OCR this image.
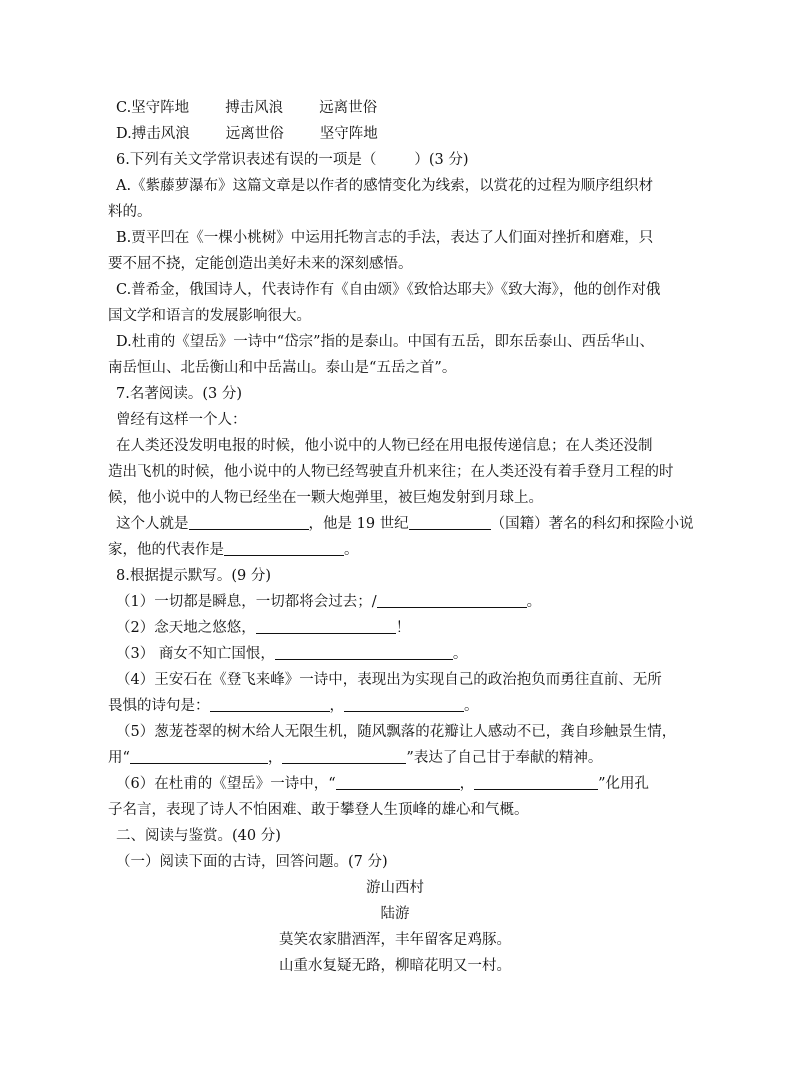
C.坚守阵地 搏击风浪 远离世俗
D.搏击风浪 远离世俗 坚守阵地
6.下列有关文学常识表述有误的一项是（	）(3 分)
A.《紫藤萝瀑布》这篇文章是以作者的感情变化为线索，以赏花的过程为顺序组织材
料的。
B.贾平凹在《一棵小桃树》中运用托物言志的手法，表达了人们面对挫折和磨难，只
要不屈不挠，定能创造出美好未来的深刻感悟。
C.普希金，俄国诗人，代表诗作有《自由颂》《致恰达耶夫》《致大海》，他的创作对俄
国文学和语言的发展影响很大。
D.杜甫的《望岳》一诗中“岱宗”指的是泰山。中国有五岳，即东岳泰山、西岳华山、
南岳恒山、北岳衡山和中岳嵩山。泰山是“五岳之首”。
7.名著阅读。(3 分)
曾经有这样一个人：
在人类还没发明电报的时候，他小说中的人物已经在用电报传递信息；在人类还没制
造出飞机的时候，他小说中的人物已经驾驶直升机来往；在人类还没有着手登月工程的时
候，他小说中的人物已经坐在一颗大炮弹里，被巨炮发射到月球上。
这个人就是	，他是 19 世纪	（国籍）著名的科幻和探险小说
家，他的代表作是	。
8.根据提示默写。(9 分)
（1）一切都是瞬息，一切都将会过去；/	。
（2）念天地之悠悠，	！
（3） 商女不知亡国恨，	。
（4）王安石在《登飞来峰》一诗中，表现出为实现自己的政治抱负而勇往直前、无所
畏惧的诗句是：	，	。
（5）葱茏苍翠的树木给人无限生机，随风飘落的花瓣让人感动不已，龚自珍触景生情，
用“	，	”表达了自己甘于奉献的精神。
（6）在杜甫的《望岳》一诗中，“	，	”化用孔
子名言，表现了诗人不怕困难、敢于攀登人生顶峰的雄心和气概。
二、阅读与鉴赏。(40 分)
（一）阅读下面的古诗，回答问题。(7 分)
游山西村
陆游
莫笑农家腊酒浑，丰年留客足鸡豚。
山重水复疑无路，柳暗花明又一村。
